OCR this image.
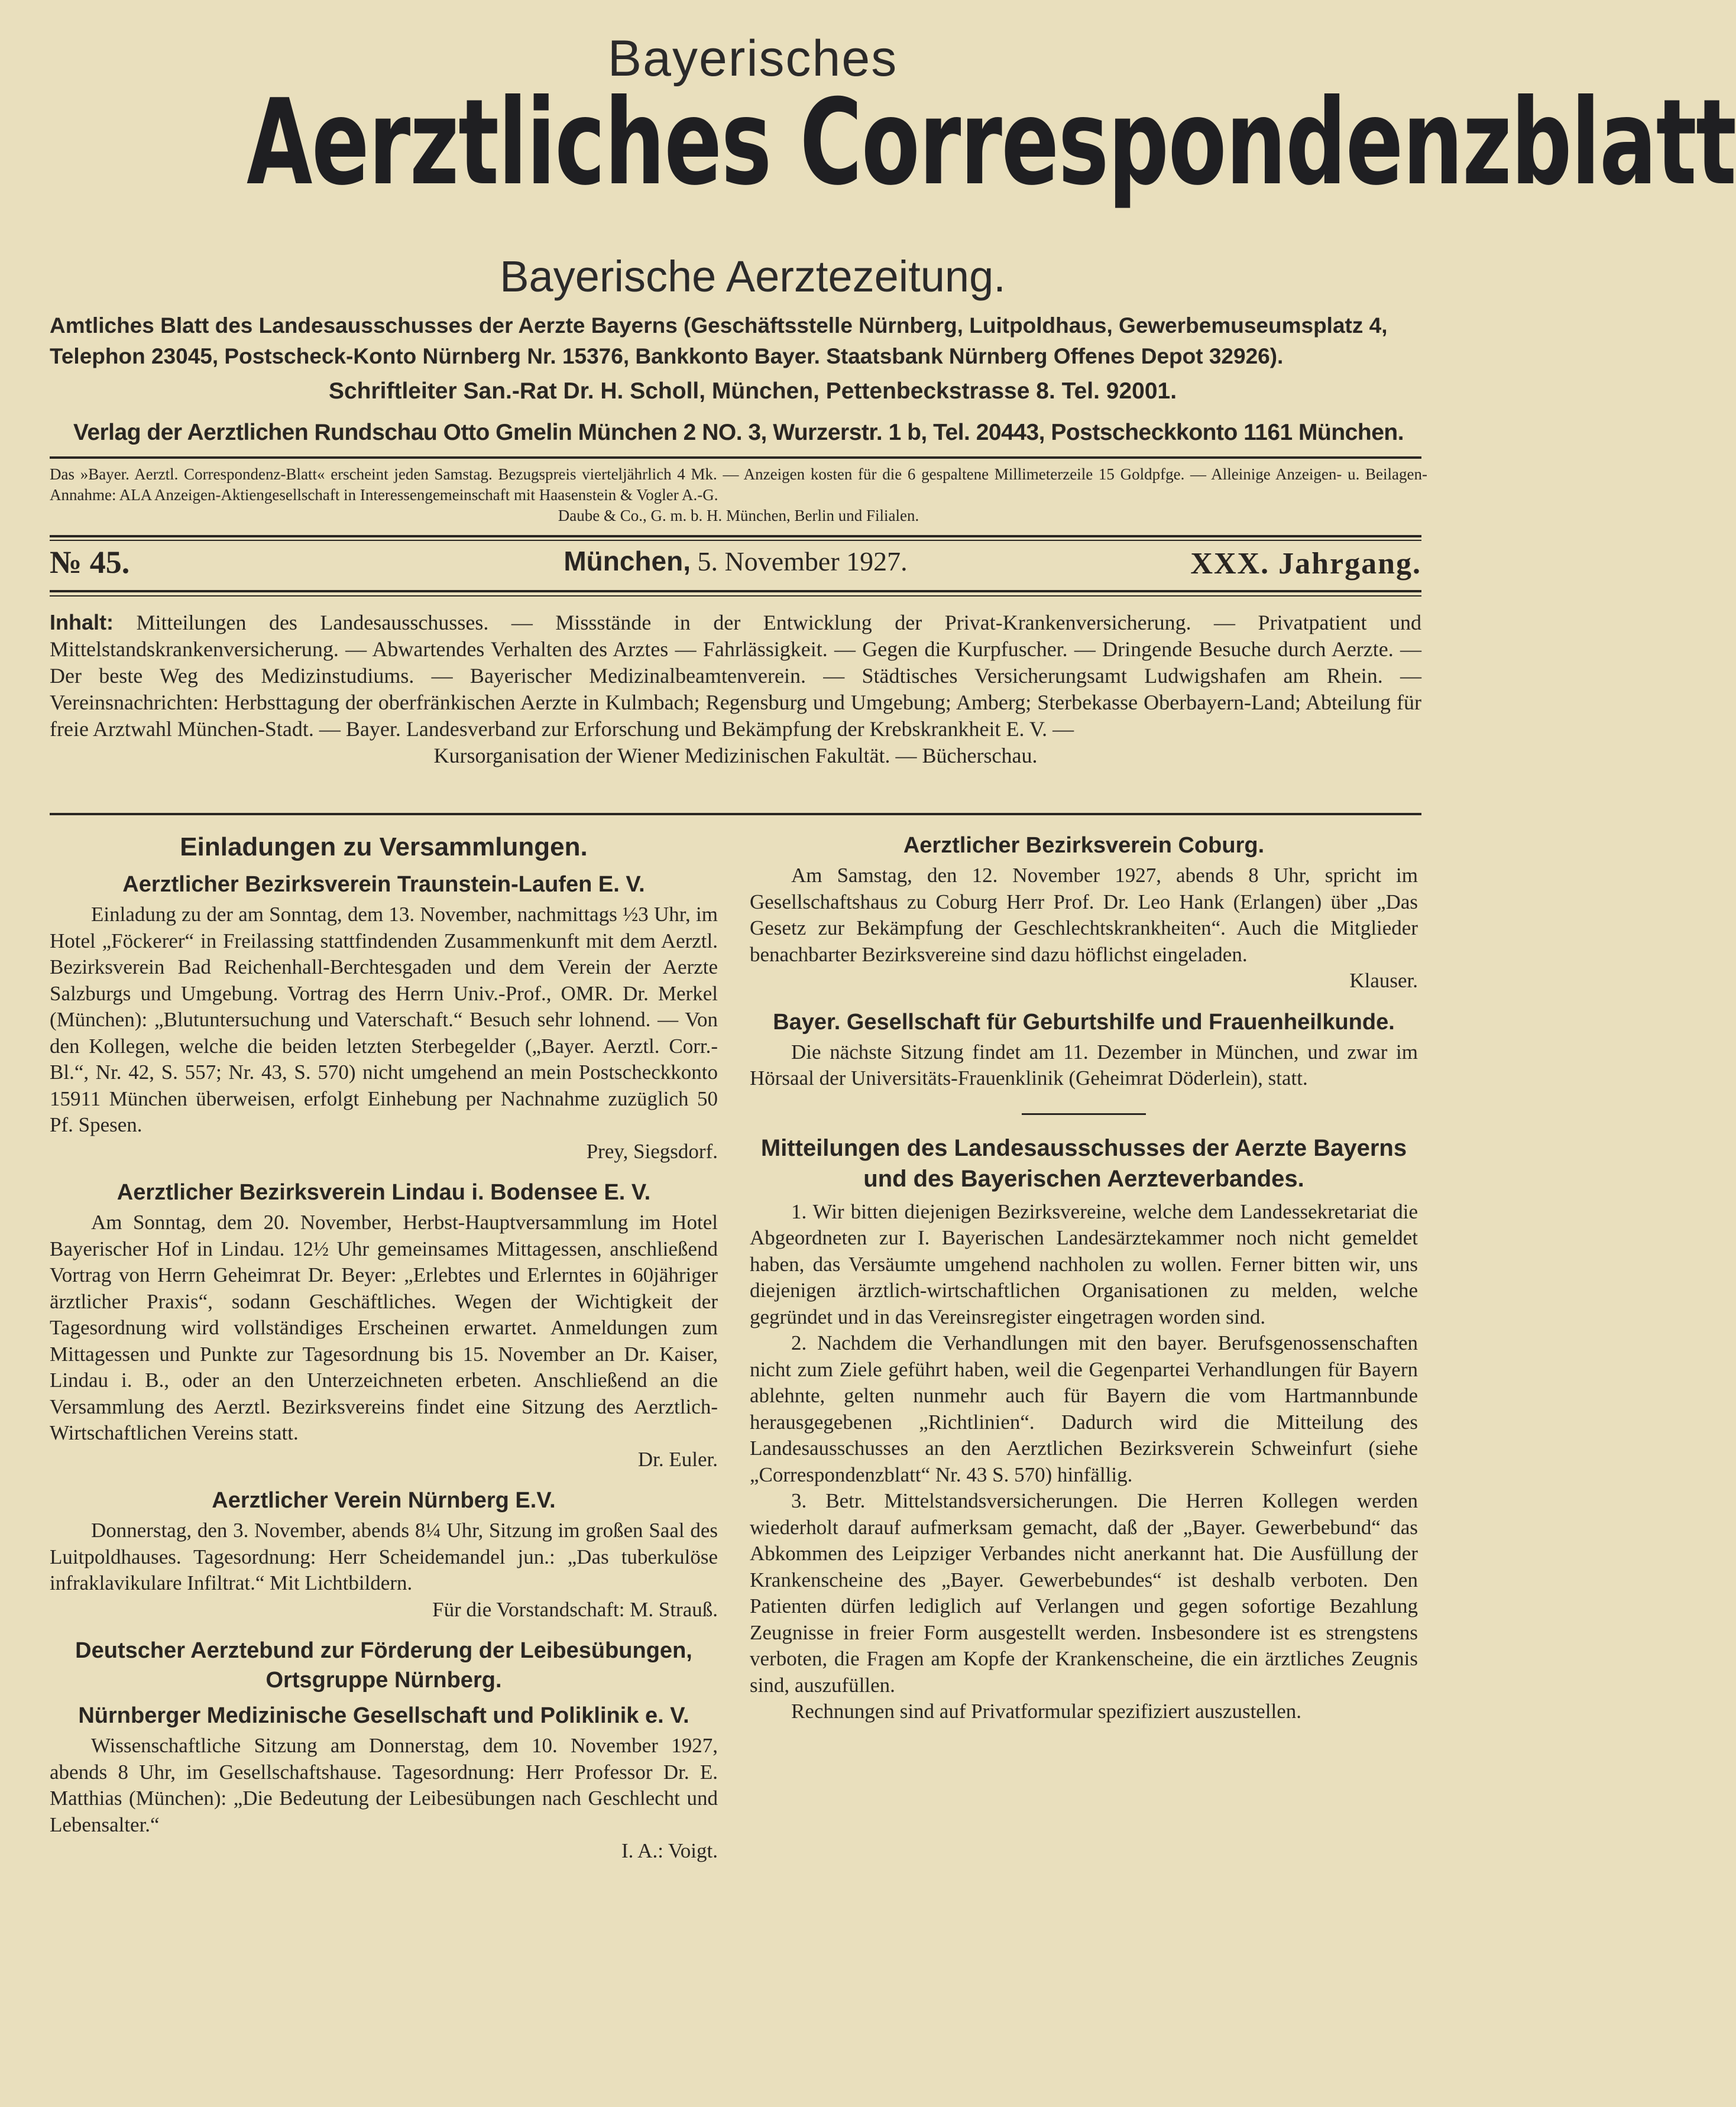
Bayerisches
Aerztliches Correspondenzblatt
Bayerische Aerztezeitung.
Amtliches Blatt des Landesausschusses der Aerzte Bayerns (Geschäftsstelle Nürnberg, Luitpoldhaus, Gewerbemuseumsplatz 4,
Telephon 23045, Postscheck-Konto Nürnberg Nr. 15376, Bankkonto Bayer. Staatsbank Nürnberg Offenes Depot 32926).
Schriftleiter San.-Rat Dr. H. Scholl, München, Pettenbeckstrasse 8. Tel. 92001.
Verlag der Aerztlichen Rundschau Otto Gmelin München 2 NO. 3, Wurzerstr. 1 b, Tel. 20443, Postscheckkonto 1161 München.
Das »Bayer. Aerztl. Correspondenz-Blatt« erscheint jeden Samstag. Bezugspreis vierteljährlich 4 Mk. — Anzeigen kosten für die 6 gespaltene Millimeterzeile 15 Goldpfge. — Alleinige Anzeigen- u. Beilagen-Annahme: ALA Anzeigen-Aktiengesellschaft in Interessengemeinschaft mit Haasenstein & Vogler A.-G.
Daube & Co., G. m. b. H. München, Berlin und Filialen.
№ 45.	München, 5. November 1927.	XXX. Jahrgang.
Inhalt: Mitteilungen des Landesausschusses. — Missstände in der Entwicklung der Privat-Krankenversicherung. — Privatpatient und Mittelstandskrankenversicherung. — Abwartendes Verhalten des Arztes — Fahrlässigkeit. — Gegen die Kurpfuscher. — Dringende Besuche durch Aerzte. — Der beste Weg des Medizinstudiums. — Bayerischer Medizinalbeamtenverein. — Städtisches Versicherungsamt Ludwigshafen am Rhein. — Vereinsnachrichten: Herbsttagung der oberfränkischen Aerzte in Kulmbach; Regensburg und Umgebung; Amberg; Sterbekasse Oberbayern-Land; Abteilung für freie Arztwahl München-Stadt. — Bayer. Landesverband zur Erforschung und Bekämpfung der Krebskrankheit E. V. —
Kursorganisation der Wiener Medizinischen Fakultät. — Bücherschau.
Einladungen zu Versammlungen.
Aerztlicher Bezirksverein Traunstein-Laufen E. V.

Einladung zu der am Sonntag, dem 13. November, nachmittags ½3 Uhr, im Hotel „Föckerer“ in Freilassing stattfindenden Zusammenkunft mit dem Aerztl. Bezirksverein Bad Reichenhall-Berchtesgaden und dem Verein der Aerzte Salzburgs und Umgebung. Vortrag des Herrn Univ.-Prof., OMR. Dr. Merkel (München): „Blutuntersuchung und Vaterschaft.“ Besuch sehr lohnend. — Von den Kollegen, welche die beiden letzten Sterbegelder („Bayer. Aerztl. Corr.-Bl.“, Nr. 42, S. 557; Nr. 43, S. 570) nicht umgehend an mein Postscheckkonto 15911 München überweisen, erfolgt Einhebung per Nachnahme zuzüglich 50 Pf. Spesen.

Prey, Siegsdorf.

Aerztlicher Bezirksverein Lindau i. Bodensee E. V.

Am Sonntag, dem 20. November, Herbst-Hauptversammlung im Hotel Bayerischer Hof in Lindau. 12½ Uhr gemeinsames Mittagessen, anschließend Vortrag von Herrn Geheimrat Dr. Beyer: „Erlebtes und Erlerntes in 60jähriger ärztlicher Praxis“, sodann Geschäftliches. Wegen der Wichtigkeit der Tagesordnung wird vollständiges Erscheinen erwartet. Anmeldungen zum Mittagessen und Punkte zur Tagesordnung bis 15. November an Dr. Kaiser, Lindau i. B., oder an den Unterzeichneten erbeten. Anschließend an die Versammlung des Aerztl. Bezirksvereins findet eine Sitzung des Aerztlich-Wirtschaftlichen Vereins statt.

Dr. Euler.

Aerztlicher Verein Nürnberg E.V.

Donnerstag, den 3. November, abends 8¼ Uhr, Sitzung im großen Saal des Luitpoldhauses. Tagesordnung: Herr Scheidemandel jun.: „Das tuberkulöse infraklavikulare Infiltrat.“ Mit Lichtbildern.

Für die Vorstandschaft: M. Strauß.

Deutscher Aerztebund zur Förderung der Leibesübungen, Ortsgruppe Nürnberg.
Nürnberger Medizinische Gesellschaft und Poliklinik e. V.

Wissenschaftliche Sitzung am Donnerstag, dem 10. November 1927, abends 8 Uhr, im Gesellschaftshause. Tagesordnung: Herr Professor Dr. E. Matthias (München): „Die Bedeutung der Leibesübungen nach Geschlecht und Lebensalter.“

I. A.: Voigt.

Aerztlicher Bezirksverein Coburg.

Am Samstag, den 12. November 1927, abends 8 Uhr, spricht im Gesellschaftshaus zu Coburg Herr Prof. Dr. Leo Hank (Erlangen) über „Das Gesetz zur Bekämpfung der Geschlechtskrankheiten“. Auch die Mitglieder benachbarter Bezirksvereine sind dazu höflichst eingeladen.

Klauser.

Bayer. Gesellschaft für Geburtshilfe und Frauenheilkunde.

Die nächste Sitzung findet am 11. Dezember in München, und zwar im Hörsaal der Universitäts-Frauenklinik (Geheimrat Döderlein), statt.

Mitteilungen des Landesausschusses der Aerzte Bayerns und des Bayerischen Aerzteverbandes.

1. Wir bitten diejenigen Bezirksvereine, welche dem Landessekretariat die Abgeordneten zur I. Bayerischen Landesärztekammer noch nicht gemeldet haben, das Versäumte umgehend nachholen zu wollen. Ferner bitten wir, uns diejenigen ärztlich-wirtschaftlichen Organisationen zu melden, welche gegründet und in das Vereinsregister eingetragen worden sind.

2. Nachdem die Verhandlungen mit den bayer. Berufsgenossenschaften nicht zum Ziele geführt haben, weil die Gegenpartei Verhandlungen für Bayern ablehnte, gelten nunmehr auch für Bayern die vom Hartmannbunde herausgegebenen „Richtlinien“. Dadurch wird die Mitteilung des Landesausschusses an den Aerztlichen Bezirksverein Schweinfurt (siehe „Correspondenzblatt“ Nr. 43 S. 570) hinfällig.

3. Betr. Mittelstandsversicherungen. Die Herren Kollegen werden wiederholt darauf aufmerksam gemacht, daß der „Bayer. Gewerbebund“ das Abkommen des Leipziger Verbandes nicht anerkannt hat. Die Ausfüllung der Krankenscheine des „Bayer. Gewerbebundes“ ist deshalb verboten. Den Patienten dürfen lediglich auf Verlangen und gegen sofortige Bezahlung Zeugnisse in freier Form ausgestellt werden. Insbesondere ist es strengstens verboten, die Fragen am Kopfe der Krankenscheine, die ein ärztliches Zeugnis sind, auszufüllen.

Rechnungen sind auf Privatformular spezifiziert auszustellen.
